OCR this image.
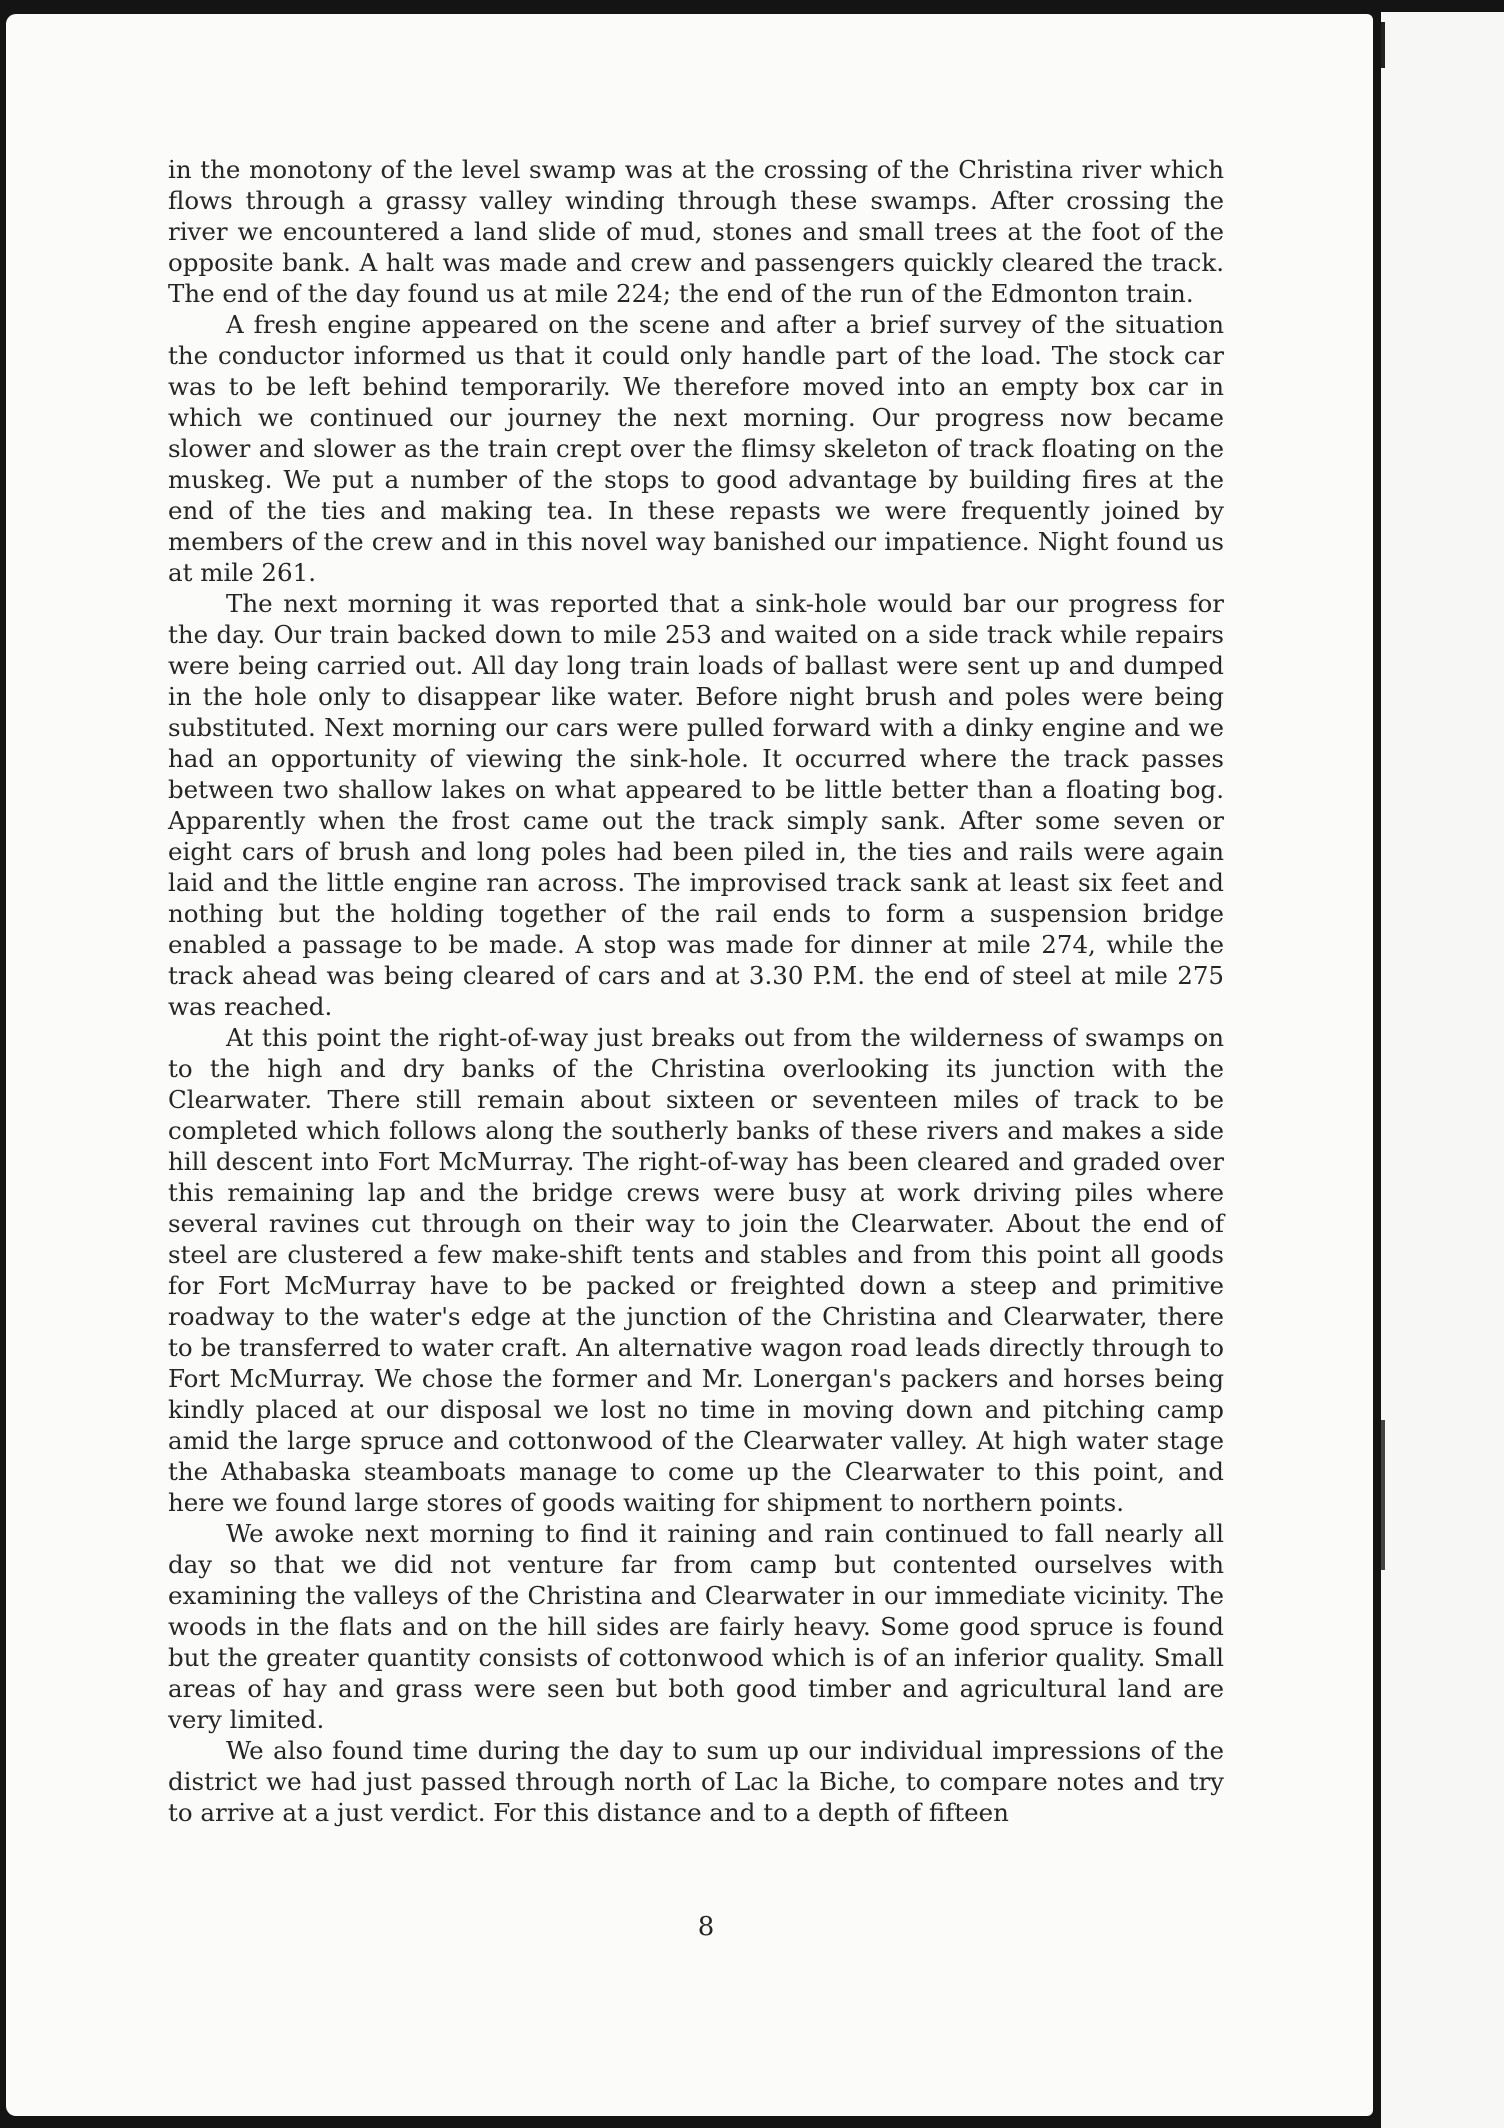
in the monotony of the level swamp was at the crossing of the Christina river which flows through a grassy valley winding through these swamps. After crossing the river we encountered a land slide of mud, stones and small trees at the foot of the opposite bank. A halt was made and crew and passengers quickly cleared the track. The end of the day found us at mile 224; the end of the run of the Edmonton train.

A fresh engine appeared on the scene and after a brief survey of the situation the conductor informed us that it could only handle part of the load. The stock car was to be left behind temporarily. We therefore moved into an empty box car in which we continued our journey the next morning. Our progress now became slower and slower as the train crept over the flimsy skeleton of track floating on the muskeg. We put a number of the stops to good advantage by building fires at the end of the ties and making tea. In these repasts we were frequently joined by members of the crew and in this novel way banished our impatience. Night found us at mile 261.

The next morning it was reported that a sink-hole would bar our progress for the day. Our train backed down to mile 253 and waited on a side track while repairs were being carried out. All day long train loads of ballast were sent up and dumped in the hole only to disappear like water. Before night brush and poles were being substituted. Next morning our cars were pulled forward with a dinky engine and we had an opportunity of viewing the sink-hole. It occurred where the track passes between two shallow lakes on what appeared to be little better than a floating bog. Apparently when the frost came out the track simply sank. After some seven or eight cars of brush and long poles had been piled in, the ties and rails were again laid and the little engine ran across. The improvised track sank at least six feet and nothing but the holding together of the rail ends to form a suspension bridge enabled a passage to be made. A stop was made for dinner at mile 274, while the track ahead was being cleared of cars and at 3.30 P.M. the end of steel at mile 275 was reached.

At this point the right-of-way just breaks out from the wilderness of swamps on to the high and dry banks of the Christina overlooking its junction with the Clearwater. There still remain about sixteen or seventeen miles of track to be completed which follows along the southerly banks of these rivers and makes a side hill descent into Fort McMurray. The right-of-way has been cleared and graded over this remaining lap and the bridge crews were busy at work driving piles where several ravines cut through on their way to join the Clearwater. About the end of steel are clustered a few make-shift tents and stables and from this point all goods for Fort McMurray have to be packed or freighted down a steep and primitive roadway to the water's edge at the junction of the Christina and Clearwater, there to be transferred to water craft. An alternative wagon road leads directly through to Fort McMurray. We chose the former and Mr. Lonergan's packers and horses being kindly placed at our disposal we lost no time in moving down and pitching camp amid the large spruce and cottonwood of the Clearwater valley. At high water stage the Athabaska steamboats manage to come up the Clearwater to this point, and here we found large stores of goods waiting for shipment to northern points.

We awoke next morning to find it raining and rain continued to fall nearly all day so that we did not venture far from camp but contented ourselves with examining the valleys of the Christina and Clearwater in our immediate vicinity. The woods in the flats and on the hill sides are fairly heavy. Some good spruce is found but the greater quantity consists of cottonwood which is of an inferior quality. Small areas of hay and grass were seen but both good timber and agricultural land are very limited.

We also found time during the day to sum up our individual impressions of the district we had just passed through north of Lac la Biche, to compare notes and try to arrive at a just verdict. For this distance and to a depth of fifteen

8
